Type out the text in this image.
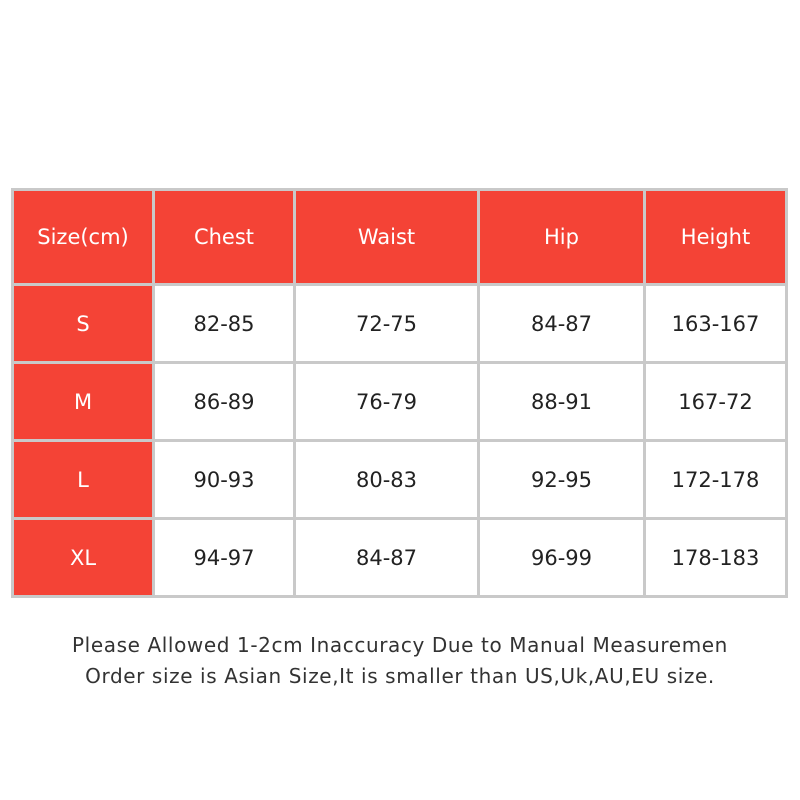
Size(cm)	Chest	Waist	Hip	Height
S	82-85	72-75	84-87	163-167
M	86-89	76-79	88-91	167-72
L	90-93	80-83	92-95	172-178
XL	94-97	84-87	96-99	178-183

Please Allowed 1-2cm Inaccuracy Due to Manual Measuremen

Order size is Asian Size,It is smaller than US,Uk,AU,EU size.
